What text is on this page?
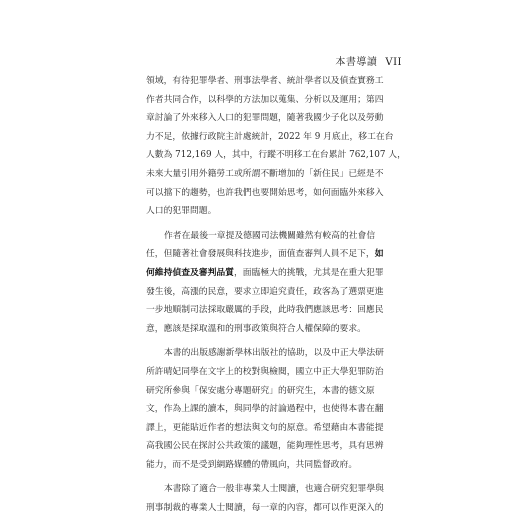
本書導讀 VII
領域，有待犯罪學者、刑事法學者、統計學者以及偵查實務工
作者共同合作，以科學的方法加以蒐集、分析以及運用；第四
章討論了外來移入人口的犯罪問題，隨著我國少子化以及勞動
力不足，依據行政院主計處統計，2022 年 9 月底止，移工在台
人數為 712,169 人，其中，行蹤不明移工在台累計 762,107 人，
未來大量引用外籍勞工或所謂不斷增加的「新住民」已經是不
可以擋下的趨勢，也許我們也要開始思考，如何面臨外來移入
人口的犯罪問題。
作者在最後一章提及德國司法機關雖然有較高的社會信
任，但隨著社會發展與科技進步，面值查審判人員不足下，如
何維持偵查及審判品質，面臨極大的挑戰，尤其是在重大犯罪
發生後，高漲的民意，要求立即追究責任，政客為了選票更進
一步地順制司法採取嚴厲的手段，此時我們應該思考：回應民
意，應該是採取溫和的刑事政策與符合人權保障的要求。
本書的出版感謝新學林出版社的協助，以及中正大學法研
所許晴妃同學在文字上的校對與檢閱，國立中正大學犯罪防治
研究所參與「保安處分專題研究」的研究生，本書的德文原
文，作為上課的讀本，與同學的討論過程中，也使得本書在翻
譯上，更能貼近作者的想法與文句的原意。希望藉由本書能提
高我國公民在探討公共政策的議題，能夠理性思考，具有思辨
能力，而不是受到網路媒體的帶風向，共同監督政府。
本書除了適合一般非專業人士閱讀，也適合研究犯罪學與
刑事制裁的專業人士閱讀，每一章的內容，都可以作更深入的
